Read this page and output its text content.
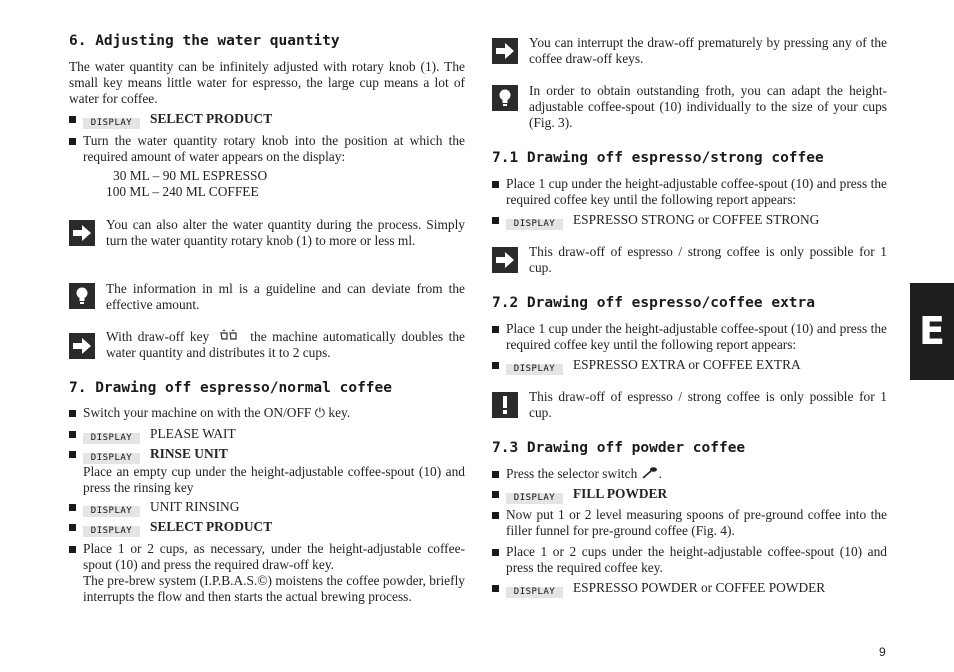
6. Adjusting the water quantity

The water quantity can be infinitely adjusted with rotary knob (1). The small key means little water for espresso, the large cup means a lot of water for coffee.

DISPLAY SELECT PRODUCT
Turn the water quantity rotary knob into the position at which the required amount of water appears on the display:
30 ML – 90 ML ESPRESSO
100 ML – 240 ML COFFEE
You can also alter the water quantity during the process. Simply turn the water quantity rotary knob (1) to more or less ml.
The information in ml is a guideline and can deviate from the effective amount.
With draw-off key	the machine automatically doubles the water quantity and distributes it to 2 cups.
7. Drawing off espresso/normal coffee
Switch your machine on with the ON/OFF ⏻ key.
DISPLAY PLEASE WAIT
DISPLAY RINSE UNIT
Place an empty cup under the height-adjustable coffee-spout (10) and press the rinsing key
DISPLAY UNIT RINSING
DISPLAY SELECT PRODUCT
Place 1 or 2 cups, as necessary, under the height-adjustable coffee-spout (10) and press the required draw-off key.
The pre-brew system (I.P.B.A.S.©) moistens the coffee powder, briefly interrupts the flow and then starts the actual brewing process.
You can interrupt the draw-off prematurely by pressing any of the coffee draw-off keys.
In order to obtain outstanding froth, you can adapt the height-adjustable coffee-spout (10) individually to the size of your cups (Fig. 3).
7.1 Drawing off espresso/strong coffee
Place 1 cup under the height-adjustable coffee-spout (10) and press the required coffee key until the following report appears:
DISPLAY ESPRESSO STRONG or COFFEE STRONG
This draw-off of espresso / strong coffee is only possible for 1 cup.
7.2 Drawing off espresso/coffee extra
Place 1 cup under the height-adjustable coffee-spout (10) and press the required coffee key until the following report appears:
DISPLAY ESPRESSO EXTRA or COFFEE EXTRA
This draw-off of espresso / strong coffee is only possible for 1 cup.
7.3 Drawing off powder coffee
Press the selector switch .
DISPLAY FILL POWDER
Now put 1 or 2 level measuring spoons of pre-ground coffee into the filler funnel for pre-ground coffee (Fig. 4).
Place 1 or 2 cups under the height-adjustable coffee-spout (10) and press the required coffee key.
DISPLAY ESPRESSO POWDER or COFFEE POWDER
E
9
